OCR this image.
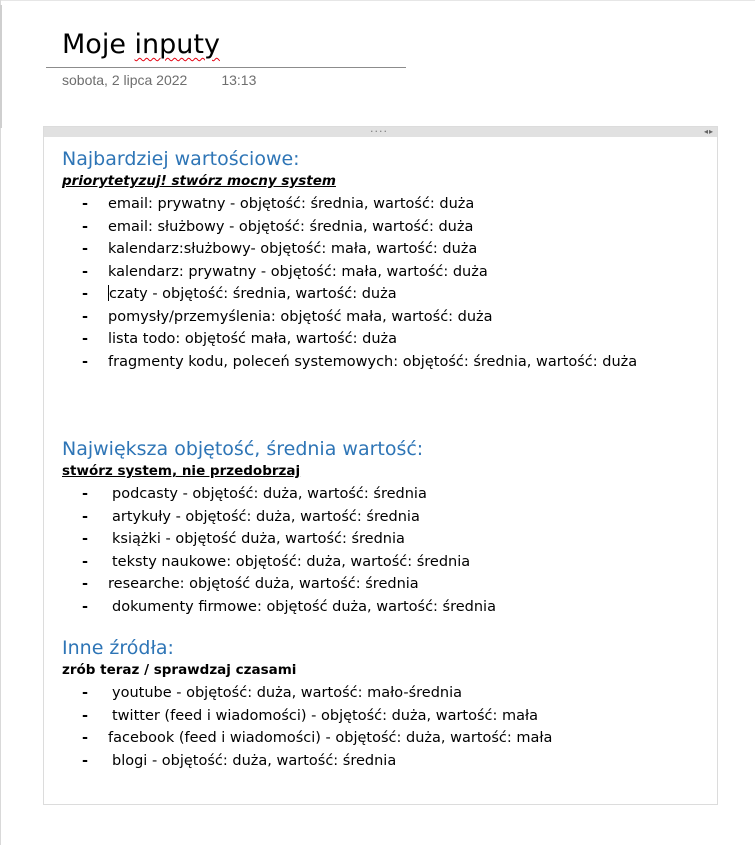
Moje inputy
sobota, 2 lipca 2022 13:13
....	◂▸

Najbardziej wartościowe:

priorytetyzuj! stwórz mocny system

- email: prywatny - objętość: średnia, wartość: duża
- email: służbowy - objętość: średnia, wartość: duża
- kalendarz:służbowy- objętość: mała, wartość: duża
- kalendarz: prywatny - objętość: mała, wartość: duża
- czaty - objętość: średnia, wartość: duża
- pomysły/przemyślenia: objętość mała, wartość: duża
- lista todo: objętość mała, wartość: duża
- fragmenty kodu, poleceń systemowych: objętość: średnia, wartość: duża

Największa objętość, średnia wartość:

stwórz system, nie przedobrzaj

- podcasty - objętość: duża, wartość: średnia
- artykuły - objętość: duża, wartość: średnia
- książki - objętość duża, wartość: średnia
- teksty naukowe: objętość: duża, wartość: średnia
- researche: objętość duża, wartość: średnia
- dokumenty firmowe: objętość duża, wartość: średnia

Inne źródła:

zrób teraz / sprawdzaj czasami

- youtube - objętość: duża, wartość: mało-średnia
- twitter (feed i wiadomości) - objętość: duża, wartość: mała
- facebook (feed i wiadomości) - objętość: duża, wartość: mała
- blogi - objętość: duża, wartość: średnia
